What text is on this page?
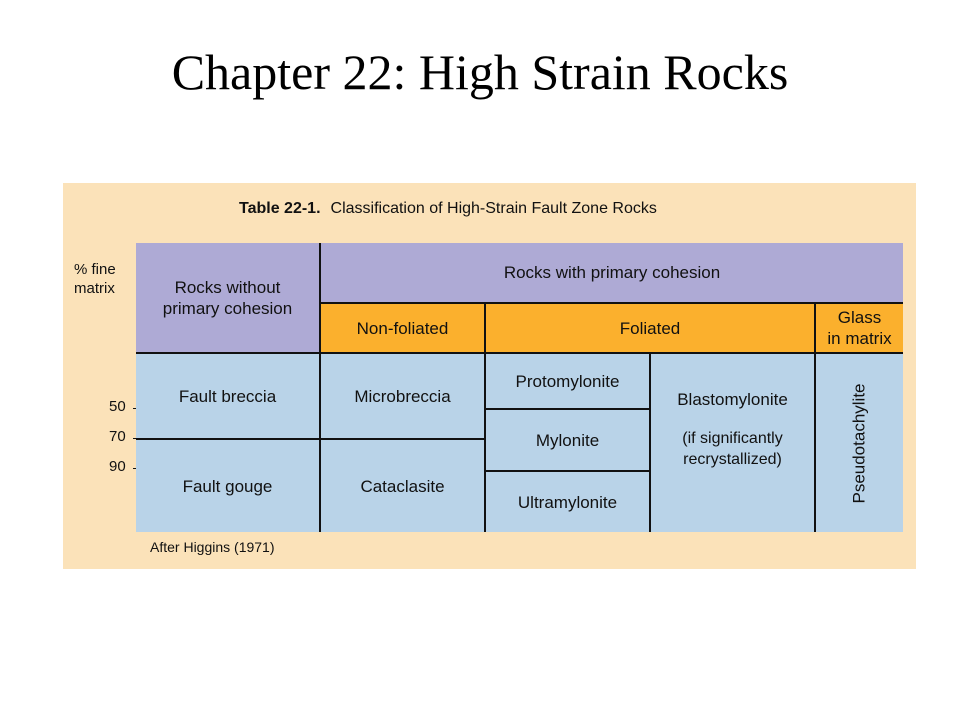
Chapter 22: High Strain Rocks
Table 22-1. Classification of High-Strain Fault Zone Rocks
% fine
matrix
50
70
90
Rocks without
primary cohesion
Rocks with primary cohesion
Non-foliated	Foliated
Glass
in matrix
Fault breccia
Fault gouge
Microbreccia
Cataclasite
Protomylonite
Mylonite
Ultramylonite
Blastomylonite
(if significantly
recrystallized)	Pseudotachylite
After Higgins (1971)
